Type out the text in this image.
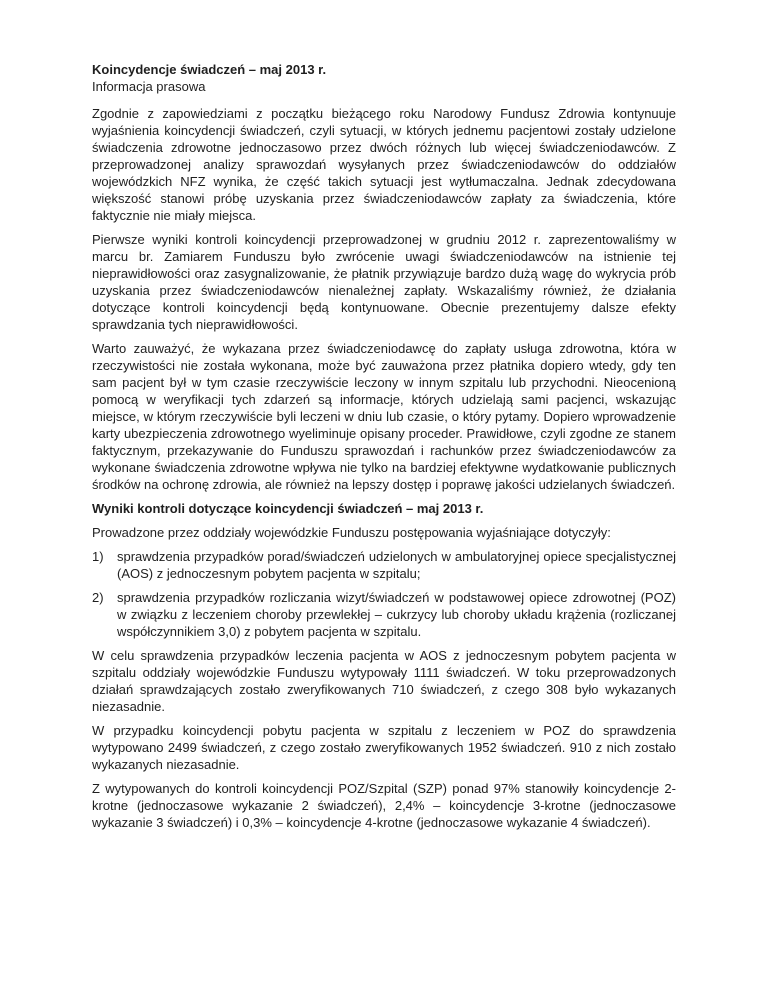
Koincydencje świadczeń – maj 2013 r.

Informacja prasowa

Zgodnie z zapowiedziami z początku bieżącego roku Narodowy Fundusz Zdrowia kontynuuje wyjaśnienia koincydencji świadczeń, czyli sytuacji, w których jednemu pacjentowi zostały udzielone świadczenia zdrowotne jednoczasowo przez dwóch różnych lub więcej świadczeniodawców. Z przeprowadzonej analizy sprawozdań wysyłanych przez świadczeniodawców do oddziałów wojewódzkich NFZ wynika, że część takich sytuacji jest wytłumaczalna. Jednak zdecydowana większość stanowi próbę uzyskania przez świadczeniodawców zapłaty za świadczenia, które faktycznie nie miały miejsca.

Pierwsze wyniki kontroli koincydencji przeprowadzonej w grudniu 2012 r. zaprezentowaliśmy w marcu br. Zamiarem Funduszu było zwrócenie uwagi świadczeniodawców na istnienie tej nieprawidłowości oraz zasygnalizowanie, że płatnik przywiązuje bardzo dużą wagę do wykrycia prób uzyskania przez świadczeniodawców nienależnej zapłaty. Wskazaliśmy również, że działania dotyczące kontroli koincydencji będą kontynuowane. Obecnie prezentujemy dalsze efekty sprawdzania tych nieprawidłowości.

Warto zauważyć, że wykazana przez świadczeniodawcę do zapłaty usługa zdrowotna, która w rzeczywistości nie została wykonana, może być zauważona przez płatnika dopiero wtedy, gdy ten sam pacjent był w tym czasie rzeczywiście leczony w innym szpitalu lub przychodni. Nieocenioną pomocą w weryfikacji tych zdarzeń są informacje, których udzielają sami pacjenci, wskazując miejsce, w którym rzeczywiście byli leczeni w dniu lub czasie, o który pytamy. Dopiero wprowadzenie karty ubezpieczenia zdrowotnego wyeliminuje opisany proceder. Prawidłowe, czyli zgodne ze stanem faktycznym, przekazywanie do Funduszu sprawozdań i rachunków przez świadczeniodawców za wykonane świadczenia zdrowotne wpływa nie tylko na bardziej efektywne wydatkowanie publicznych środków na ochronę zdrowia, ale również na lepszy dostęp i poprawę jakości udzielanych świadczeń.

Wyniki kontroli dotyczące koincydencji świadczeń – maj 2013 r.

Prowadzone przez oddziały wojewódzkie Funduszu postępowania wyjaśniające dotyczyły:

1)	sprawdzenia przypadków porad/świadczeń udzielonych w ambulatoryjnej opiece specjalistycznej (AOS) z jednoczesnym pobytem pacjenta w szpitalu;
2)	sprawdzenia przypadków rozliczania wizyt/świadczeń w podstawowej opiece zdrowotnej (POZ) w związku z leczeniem choroby przewlekłej – cukrzycy lub choroby układu krążenia (rozliczanej współczynnikiem 3,0) z pobytem pacjenta w szpitalu.

W celu sprawdzenia przypadków leczenia pacjenta w AOS z jednoczesnym pobytem pacjenta w szpitalu oddziały wojewódzkie Funduszu wytypowały 1111 świadczeń. W toku przeprowadzonych działań sprawdzających zostało zweryfikowanych 710 świadczeń, z czego 308 było wykazanych niezasadnie.

W przypadku koincydencji pobytu pacjenta w szpitalu z leczeniem w POZ do sprawdzenia wytypowano 2499 świadczeń, z czego zostało zweryfikowanych 1952 świadczeń. 910 z nich zostało wykazanych niezasadnie.

Z wytypowanych do kontroli koincydencji POZ/Szpital (SZP) ponad 97% stanowiły koincydencje 2-krotne (jednoczasowe wykazanie 2 świadczeń), 2,4% – koincydencje 3-krotne (jednoczasowe wykazanie 3 świadczeń) i 0,3% – koincydencje 4-krotne (jednoczasowe wykazanie 4 świadczeń).
